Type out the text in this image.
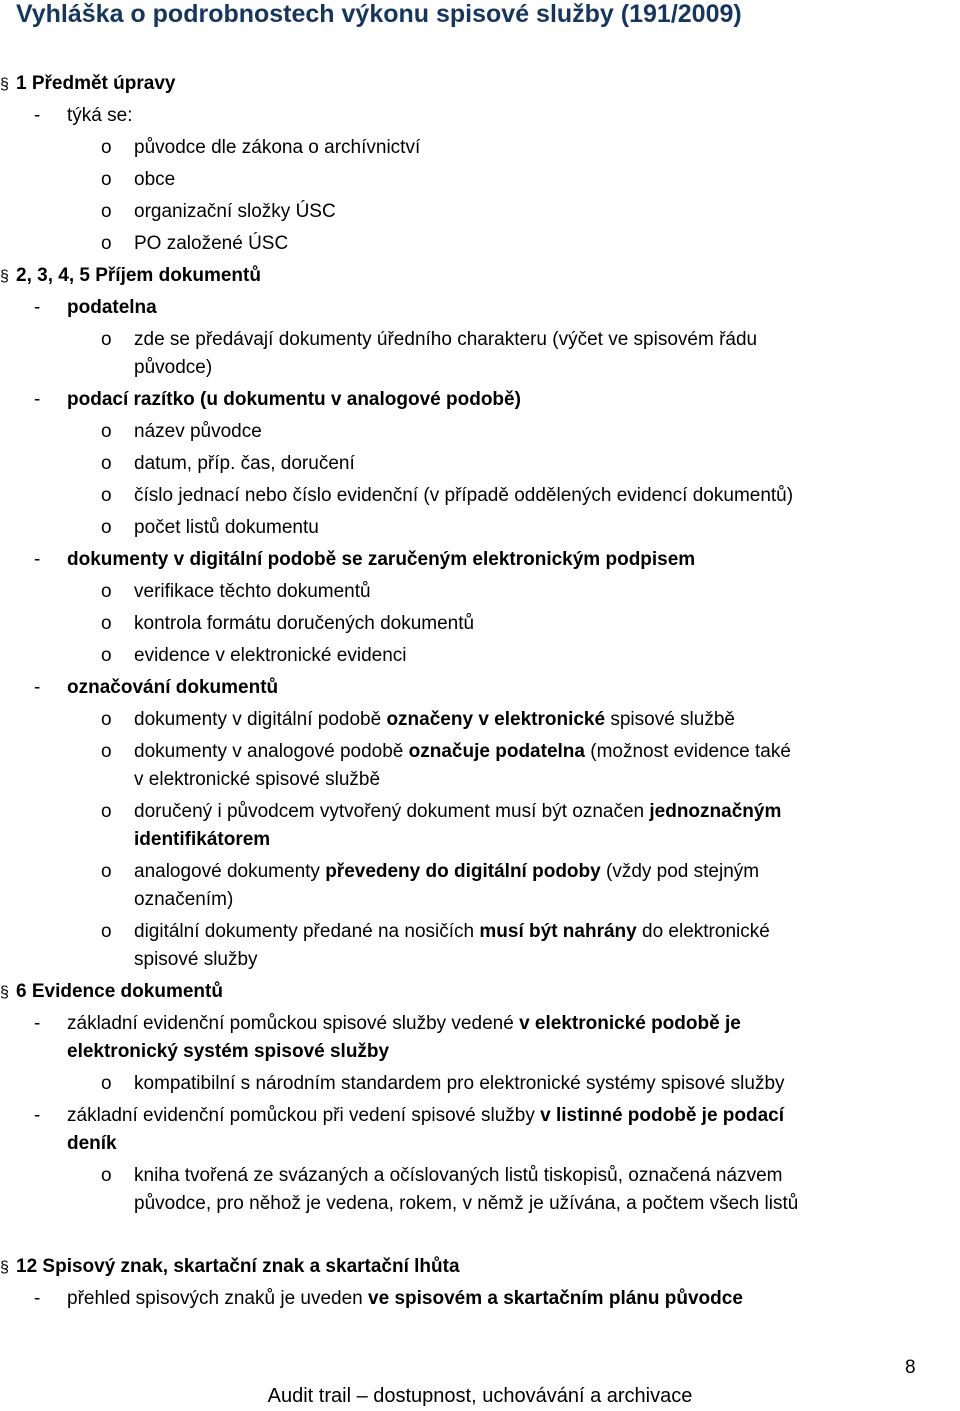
Vyhláška o podrobnostech výkonu spisové služby (191/2009)
§ 1 Předmět úpravy
- týká se:
o původce dle zákona o archívnictví
o obce
o organizační složky ÚSC
o PO založené ÚSC
§ 2, 3, 4, 5 Příjem dokumentů
- podatelna
o zde se předávají dokumenty úředního charakteru (výčet ve spisovém řádu
původce)
- podací razítko (u dokumentu v analogové podobě)
o název původce
o datum, příp. čas, doručení
o číslo jednací nebo číslo evidenční (v případě oddělených evidencí dokumentů)
o počet listů dokumentu
- dokumenty v digitální podobě se zaručeným elektronickým podpisem
o verifikace těchto dokumentů
o kontrola formátu doručených dokumentů
o evidence v elektronické evidenci
- označování dokumentů
o dokumenty v digitální podobě označeny v elektronické spisové službě
o dokumenty v analogové podobě označuje podatelna (možnost evidence také
v elektronické spisové službě
o doručený i původcem vytvořený dokument musí být označen jednoznačným
identifikátorem
o analogové dokumenty převedeny do digitální podoby (vždy pod stejným
označením)
o digitální dokumenty předané na nosičích musí být nahrány do elektronické
spisové služby
§ 6 Evidence dokumentů
- základní evidenční pomůckou spisové služby vedené v elektronické podobě je
elektronický systém spisové služby
o kompatibilní s národním standardem pro elektronické systémy spisové služby
- základní evidenční pomůckou při vedení spisové služby v listinné podobě je podací
deník
o kniha tvořená ze svázaných a očíslovaných listů tiskopisů, označená názvem
původce, pro něhož je vedena, rokem, v němž je užívána, a počtem všech listů
§ 12 Spisový znak, skartační znak a skartační lhůta
- přehled spisových znaků je uveden ve spisovém a skartačním plánu původce
8
Audit trail – dostupnost, uchovávání a archivace
